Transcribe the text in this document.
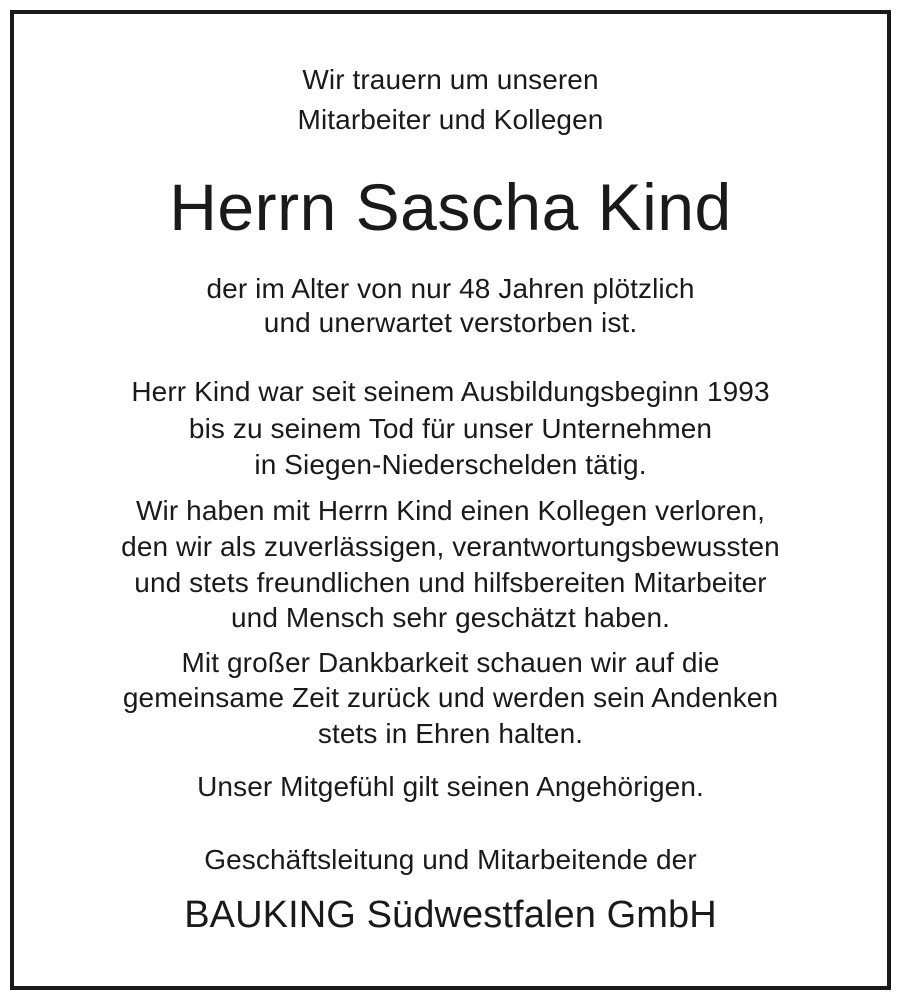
Wir trauern um unseren
Mitarbeiter und Kollegen
Herrn Sascha Kind
der im Alter von nur 48 Jahren plötzlich
und unerwartet verstorben ist.
Herr Kind war seit seinem Ausbildungsbeginn 1993
bis zu seinem Tod für unser Unternehmen
in Siegen-Niederschelden tätig.
Wir haben mit Herrn Kind einen Kollegen verloren,
den wir als zuverlässigen, verantwortungsbewussten
und stets freundlichen und hilfsbereiten Mitarbeiter
und Mensch sehr geschätzt haben.
Mit großer Dankbarkeit schauen wir auf die
gemeinsame Zeit zurück und werden sein Andenken
stets in Ehren halten.
Unser Mitgefühl gilt seinen Angehörigen.
Geschäftsleitung und Mitarbeitende der
BAUKING Südwestfalen GmbH
